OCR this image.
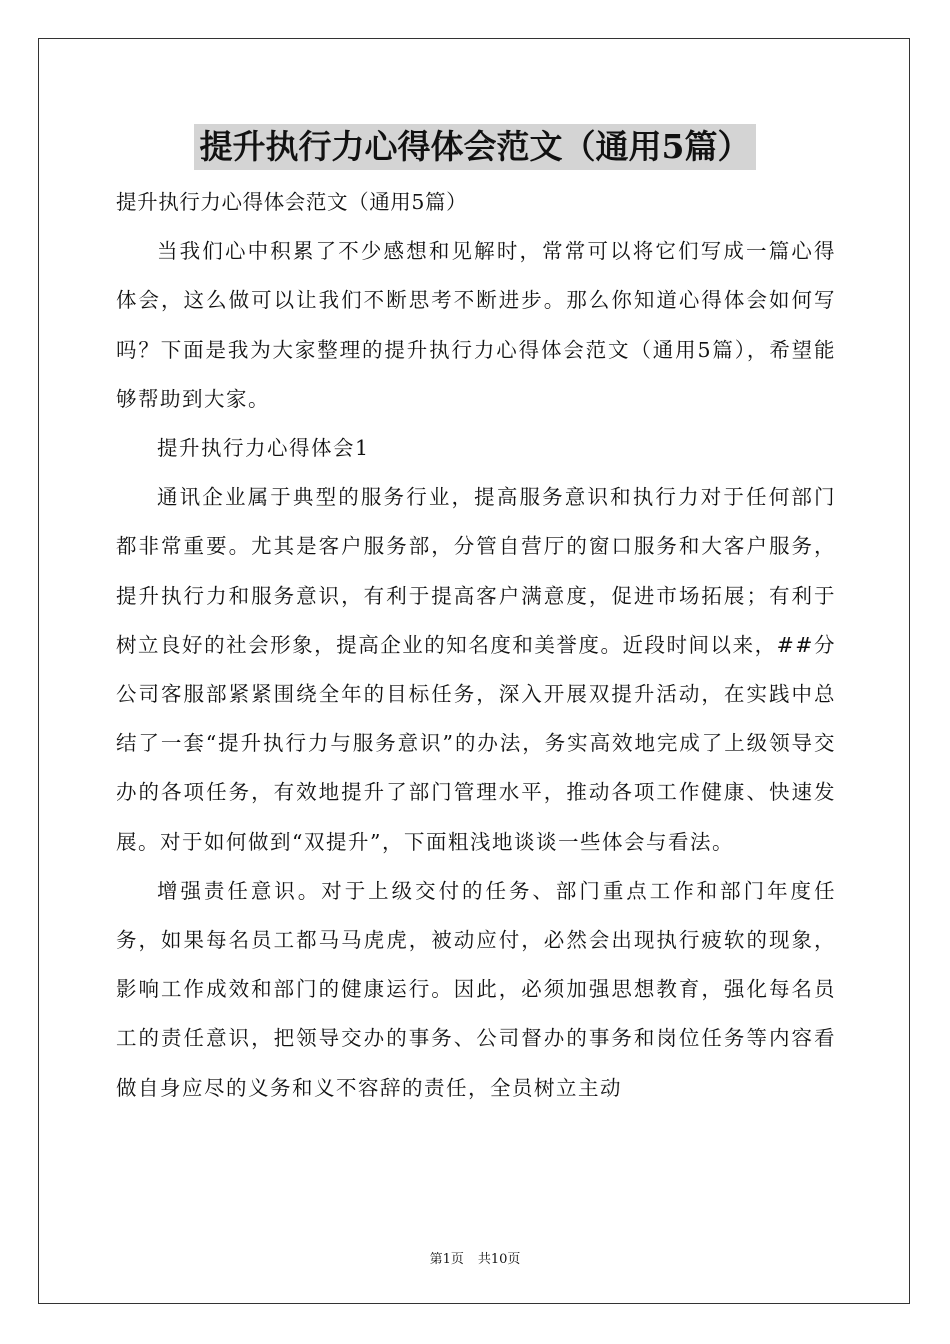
提升执行力心得体会范文（通用5篇）

提升执行力心得体会范文（通用5篇）

当我们心中积累了不少感想和见解时，常常可以将它们写成一篇心得体会，这么做可以让我们不断思考不断进步。那么你知道心得体会如何写吗？下面是我为大家整理的提升执行力心得体会范文（通用5篇），希望能够帮助到大家。

提升执行力心得体会1

通讯企业属于典型的服务行业，提高服务意识和执行力对于任何部门都非常重要。尤其是客户服务部，分管自营厅的窗口服务和大客户服务，提升执行力和服务意识，有利于提高客户满意度，促进市场拓展；有利于树立良好的社会形象，提高企业的知名度和美誉度。近段时间以来，##分公司客服部紧紧围绕全年的目标任务，深入开展双提升活动，在实践中总结了一套“提升执行力与服务意识”的办法，务实高效地完成了上级领导交办的各项任务，有效地提升了部门管理水平，推动各项工作健康、快速发展。对于如何做到“双提升”，下面粗浅地谈谈一些体会与看法。

增强责任意识。对于上级交付的任务、部门重点工作和部门年度任务，如果每名员工都马马虎虎，被动应付，必然会出现执行疲软的现象，影响工作成效和部门的健康运行。因此，必须加强思想教育，强化每名员工的责任意识，把领导交办的事务、公司督办的事务和岗位任务等内容看做自身应尽的义务和义不容辞的责任，全员树立主动

第1页 共10页
